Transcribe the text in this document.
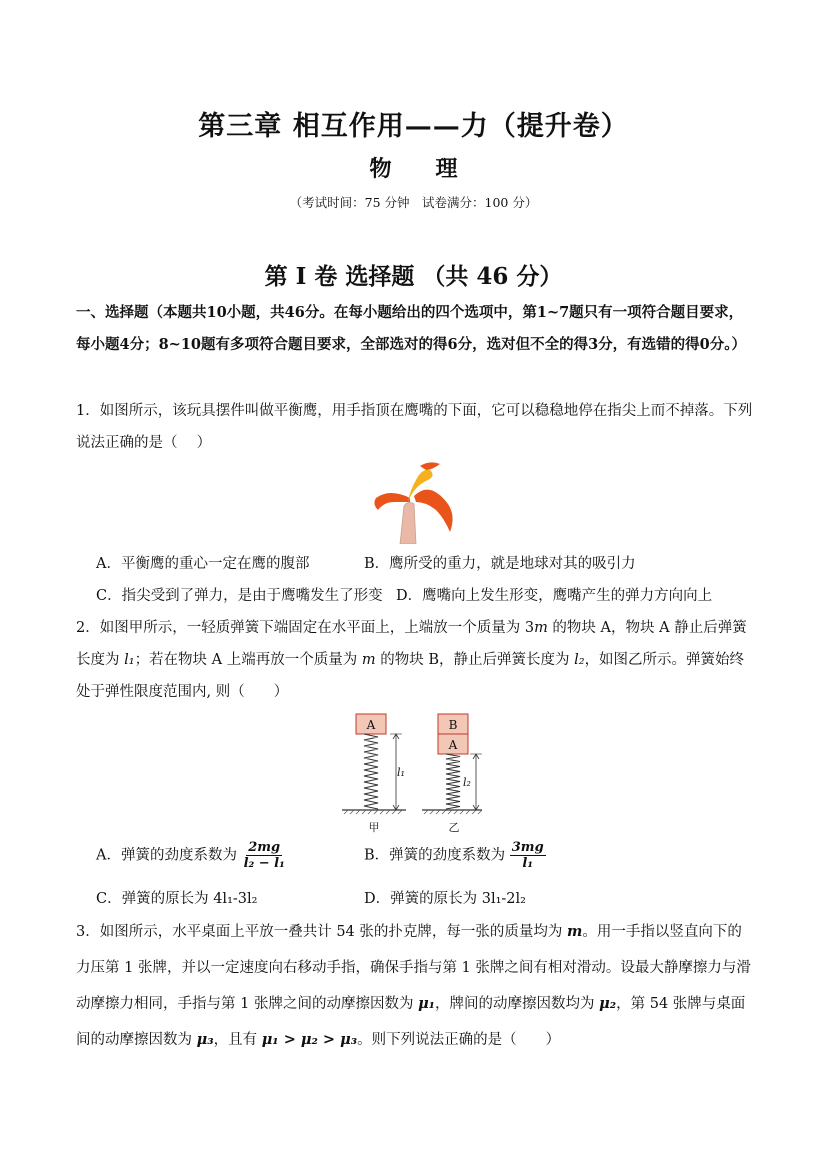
第三章 相互作用——力（提升卷）
物　　理
（考试时间：75 分钟　试卷满分：100 分）
第 I 卷 选择题 （共 46 分）
一、选择题（本题共10小题，共46分。在每小题给出的四个选项中，第1~7题只有一项符合题目要求，每小题4分；8~10题有多项符合题目要求，全部选对的得6分，选对但不全的得3分，有选错的得0分。）
1．如图所示，该玩具摆件叫做平衡鹰，用手指顶在鹰嘴的下面，它可以稳稳地停在指尖上而不掉落。下列说法正确的是（　 ）
A．平衡鹰的重心一定在鹰的腹部	B．鹰所受的重力，就是地球对其的吸引力
C．指尖受到了弹力，是由于鹰嘴发生了形变 D．鹰嘴向上发生形变，鹰嘴产生的弹力方向向上
2．如图甲所示，一轻质弹簧下端固定在水平面上，上端放一个质量为 3m 的物块 A，物块 A 静止后弹簧长度为 l₁；若在物块 A 上端再放一个质量为 m 的物块 B，静止后弹簧长度为 l₂，如图乙所示。弹簧始终处于弹性限度范围内, 则（　　）
A
l₁
甲
B
A
l₂
乙
A．弹簧的劲度系数为 $\frac{2mg}{\text{l₂ − l₁}}$	B．弹簧的劲度系数为 $\frac{3mg}{\text{l₁}}$
C．弹簧的原长为 4l₁-3l₂	D．弹簧的原长为 3l₁-2l₂
3．如图所示，水平桌面上平放一叠共计 54 张的扑克牌，每一张的质量均为 m。用一手指以竖直向下的力压第 1 张牌，并以一定速度向右移动手指，确保手指与第 1 张牌之间有相对滑动。设最大静摩擦力与滑动摩擦力相同，手指与第 1 张牌之间的动摩擦因数为 μ₁，牌间的动摩擦因数均为 μ₂，第 54 张牌与桌面间的动摩擦因数为 μ₃，且有 μ₁ > μ₂ > μ₃。则下列说法正确的是（　　）
